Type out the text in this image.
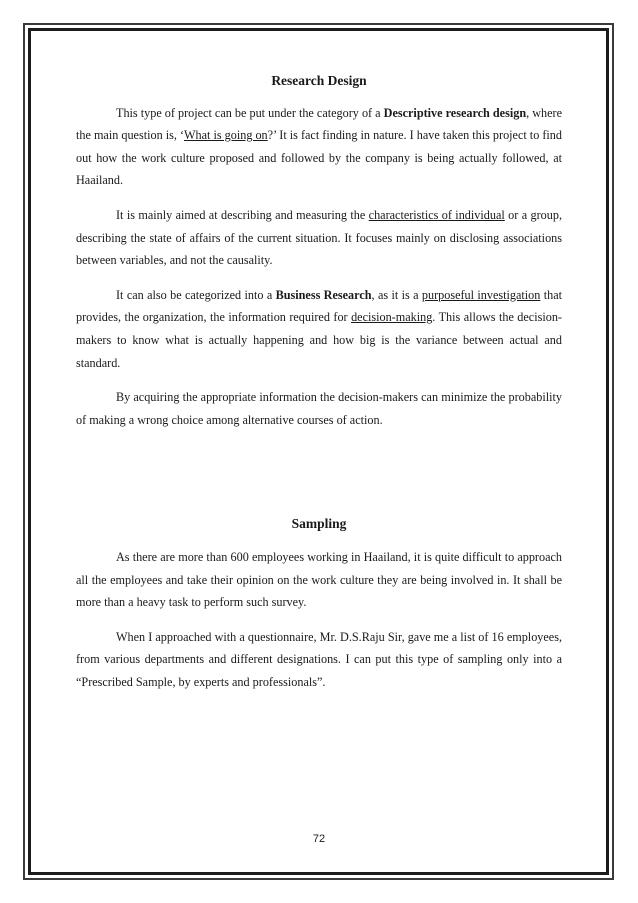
Research Design

This type of project can be put under the category of a Descriptive research design, where the main question is, ‘What is going on?’ It is fact finding in nature. I have taken this project to find out how the work culture proposed and followed by the company is being actually followed, at Haailand.

It is mainly aimed at describing and measuring the characteristics of individual or a group, describing the state of affairs of the current situation. It focuses mainly on disclosing associations between variables, and not the causality.

It can also be categorized into a Business Research, as it is a purposeful investigation that provides, the organization, the information required for decision-making. This allows the decision-makers to know what is actually happening and how big is the variance between actual and standard.

By acquiring the appropriate information the decision-makers can minimize the probability of making a wrong choice among alternative courses of action.

Sampling

As there are more than 600 employees working in Haailand, it is quite difficult to approach all the employees and take their opinion on the work culture they are being involved in. It shall be more than a heavy task to perform such survey.

When I approached with a questionnaire, Mr. D.S.Raju Sir, gave me a list of 16 employees, from various departments and different designations. I can put this type of sampling only into a “Prescribed Sample, by experts and professionals”.

72
